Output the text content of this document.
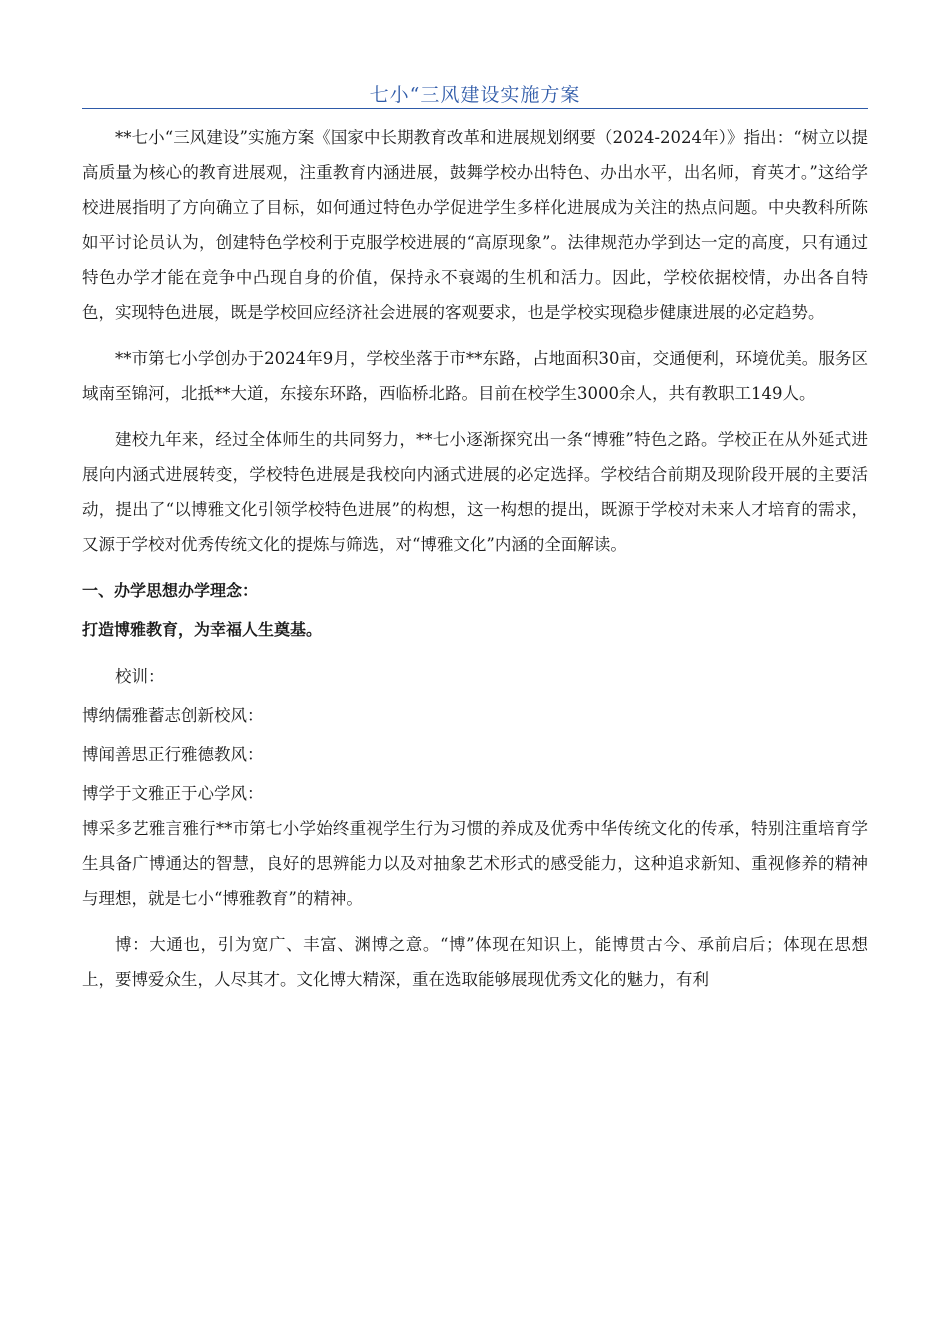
七小“三风建设实施方案

**七小“三风建设”实施方案《国家中长期教育改革和进展规划纲要（2024-2024年）》指出：“树立以提高质量为核心的教育进展观，注重教育内涵进展，鼓舞学校办出特色、办出水平，出名师，育英才。”这给学校进展指明了方向确立了目标，如何通过特色办学促进学生多样化进展成为关注的热点问题。中央教科所陈如平讨论员认为，创建特色学校利于克服学校进展的“高原现象”。法律规范办学到达一定的高度，只有通过特色办学才能在竞争中凸现自身的价值，保持永不衰竭的生机和活力。因此，学校依据校情，办出各自特色，实现特色进展，既是学校回应经济社会进展的客观要求，也是学校实现稳步健康进展的必定趋势。

**市第七小学创办于2024年9月，学校坐落于市**东路，占地面积30亩，交通便利，环境优美。服务区域南至锦河，北抵**大道，东接东环路，西临桥北路。目前在校学生3000余人，共有教职工149人。

建校九年来，经过全体师生的共同努力，**七小逐渐探究出一条“博雅”特色之路。学校正在从外延式进展向内涵式进展转变，学校特色进展是我校向内涵式进展的必定选择。学校结合前期及现阶段开展的主要活动，提出了“以博雅文化引领学校特色进展”的构想，这一构想的提出，既源于学校对未来人才培育的需求，又源于学校对优秀传统文化的提炼与筛选，对“博雅文化”内涵的全面解读。

一、办学思想办学理念：

打造博雅教育，为幸福人生奠基。

校训：

博纳儒雅蓄志创新校风：

博闻善思正行雅德教风：

博学于文雅正于心学风：

博采多艺雅言雅行**市第七小学始终重视学生行为习惯的养成及优秀中华传统文化的传承，特别注重培育学生具备广博通达的智慧，良好的思辨能力以及对抽象艺术形式的感受能力，这种追求新知、重视修养的精神与理想，就是七小“博雅教育”的精神。

博：大通也，引为宽广、丰富、渊博之意。“博”体现在知识上，能博贯古今、承前启后；体现在思想上，要博爱众生，人尽其才。文化博大精深，重在选取能够展现优秀文化的魅力，有利
